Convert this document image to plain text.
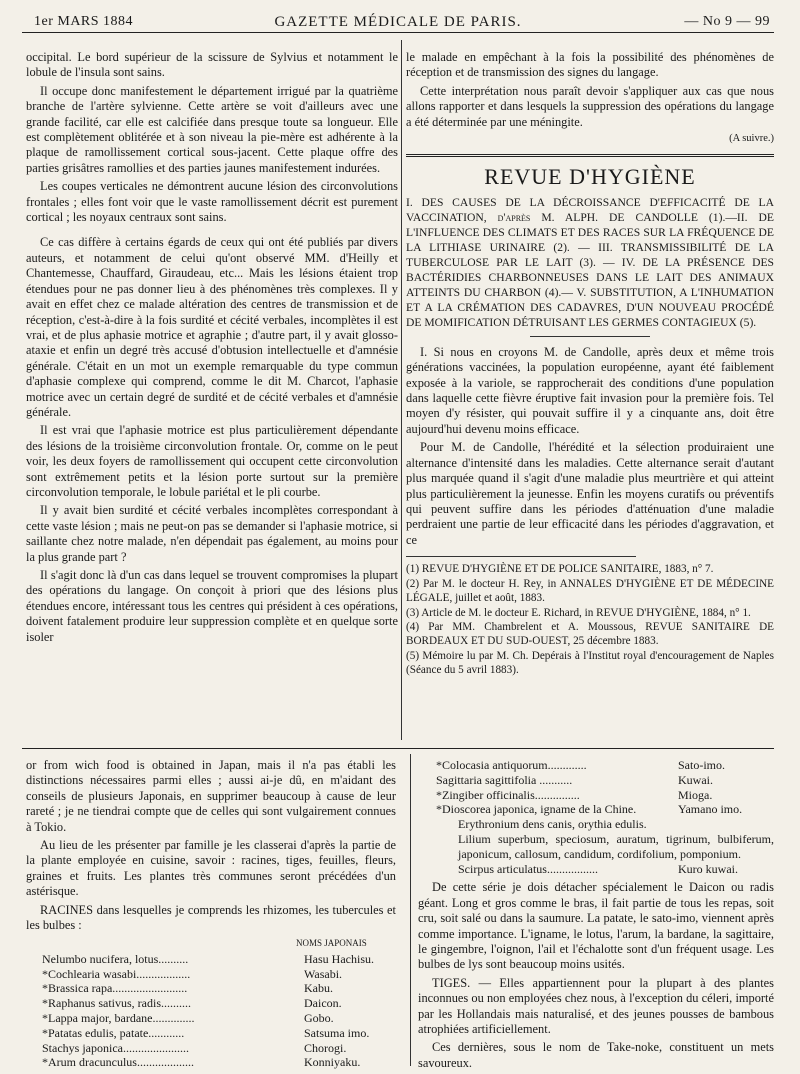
1er MARS 1884	GAZETTE MÉDICALE DE PARIS.	— No 9 — 99

occipital. Le bord supérieur de la scissure de Sylvius et notamment le lobule de l'insula sont sains.

Il occupe donc manifestement le département irrigué par la quatrième branche de l'artère sylvienne. Cette artère se voit d'ailleurs avec une grande facilité, car elle est calcifiée dans presque toute sa longueur. Elle est complètement oblitérée et à son niveau la pie-mère est adhérente à la plaque de ramollissement cortical sous-jacent. Cette plaque offre des parties grisâtres ramollies et des parties jaunes manifestement indurées.

Les coupes verticales ne démontrent aucune lésion des circonvolutions frontales ; elles font voir que le vaste ramollissement décrit est purement cortical ; les noyaux centraux sont sains.

Ce cas diffère à certains égards de ceux qui ont été publiés par divers auteurs, et notamment de celui qu'ont observé MM. d'Heilly et Chantemesse, Chauffard, Giraudeau, etc... Mais les lésions étaient trop étendues pour ne pas donner lieu à des phénomènes très complexes. Il y avait en effet chez ce malade altération des centres de transmission et de réception, c'est-à-dire à la fois surdité et cécité verbales, incomplètes il est vrai, et de plus aphasie motrice et agraphie ; d'autre part, il y avait glosso-ataxie et enfin un degré très accusé d'obtusion intellectuelle et d'amnésie générale. C'était en un mot un exemple remarquable du type commun d'aphasie complexe qui comprend, comme le dit M. Charcot, l'aphasie motrice avec un certain degré de surdité et de cécité verbales et d'amnésie générale.

Il est vrai que l'aphasie motrice est plus particulièrement dépendante des lésions de la troisième circonvolution frontale. Or, comme on le peut voir, les deux foyers de ramollissement qui occupent cette circonvolution sont extrêmement petits et la lésion porte surtout sur la première circonvolution temporale, le lobule pariétal et le pli courbe.

Il y avait bien surdité et cécité verbales incomplètes correspondant à cette vaste lésion ; mais ne peut-on pas se demander si l'aphasie motrice, si saillante chez notre malade, n'en dépendait pas également, au moins pour la plus grande part ?

Il s'agit donc là d'un cas dans lequel se trouvent compromises la plupart des opérations du langage. On conçoit à priori que des lésions plus étendues encore, intéressant tous les centres qui président à ces opérations, doivent fatalement produire leur suppression complète et en quelque sorte isoler

le malade en empêchant à la fois la possibilité des phénomènes de réception et de transmission des signes du langage.

Cette interprétation nous paraît devoir s'appliquer aux cas que nous allons rapporter et dans lesquels la suppression des opérations du langage a été déterminée par une méningite.

(A suivre.)
REVUE D'HYGIÈNE

I. DES CAUSES DE LA DÉCROISSANCE D'EFFICACITÉ DE LA VACCINATION, d'après M. ALPH. DE CANDOLLE (1).—II. DE L'INFLUENCE DES CLIMATS ET DES RACES SUR LA FRÉQUENCE DE LA LITHIASE URINAIRE (2). — III. TRANSMISSIBILITÉ DE LA TUBERCULOSE PAR LE LAIT (3). — IV. DE LA PRÉSENCE DES BACTÉRIDIES CHARBONNEUSES DANS LE LAIT DES ANIMAUX ATTEINTS DU CHARBON (4).— V. SUBSTITUTION, A L'INHUMATION ET A LA CRÉMATION DES CADAVRES, D'UN NOUVEAU PROCÉDÉ DE MOMIFICATION DÉTRUISANT LES GERMES CONTAGIEUX (5).

I. Si nous en croyons M. de Candolle, après deux et même trois générations vaccinées, la population européenne, ayant été faiblement exposée à la variole, se rapprocherait des conditions d'une population dans laquelle cette fièvre éruptive fait invasion pour la première fois. Tel moyen d'y résister, qui pouvait suffire il y a cinquante ans, doit être aujourd'hui devenu moins efficace.

Pour M. de Candolle, l'hérédité et la sélection produiraient une alternance d'intensité dans les maladies. Cette alternance serait d'autant plus marquée quand il s'agit d'une maladie plus meurtrière et qui atteint plus particulièrement la jeunesse. Enfin les moyens curatifs ou préventifs qui peuvent suffire dans les périodes d'atténuation d'une maladie perdraient une partie de leur efficacité dans les périodes d'aggravation, et ce

(1) REVUE D'HYGIÈNE ET DE POLICE SANITAIRE, 1883, n° 7.

(2) Par M. le docteur H. Rey, in ANNALES D'HYGIÈNE ET DE MÉDECINE LÉGALE, juillet et août, 1883.

(3) Article de M. le docteur E. Richard, in REVUE D'HYGIÈNE, 1884, n° 1.

(4) Par MM. Chambrelent et A. Moussous, REVUE SANITAIRE DE BORDEAUX ET DU SUD-OUEST, 25 décembre 1883.

(5) Mémoire lu par M. Ch. Depérais à l'Institut royal d'encouragement de Naples (Séance du 5 avril 1883).

or from wich food is obtained in Japan, mais il n'a pas établi les distinctions nécessaires parmi elles ; aussi ai-je dû, en m'aidant des conseils de plusieurs Japonais, en supprimer beaucoup à cause de leur rareté ; je ne tiendrai compte que de celles qui sont vulgairement connues à Tokio.

Au lieu de les présenter par famille je les classerai d'après la partie de la plante employée en cuisine, savoir : racines, tiges, feuilles, fleurs, graines et fruits. Les plantes très communes seront précédées d'un astérisque.

RACINES dans lesquelles je comprends les rhizomes, les tubercules et les bulbes :

NOMS JAPONAIS
Nelumbo nucifera, lotus..........	Hasu Hachisu.
*Cochlearia wasabi..................	Wasabi.
*Brassica rapa.........................	Kabu.
*Raphanus sativus, radis..........	Daicon.
*Lappa major, bardane..............	Gobo.
*Patatas edulis, patate............	Satsuma imo.
Stachys japonica......................	Chorogi.
*Arum dracunculus...................	Konniyaku.
*Colocasia antiquorum.............	Sato-imo.
Sagittaria sagittifolia ...........	Kuwai.
*Zingiber officinalis...............	Mioga.
*Dioscorea japonica, igname de la Chine.	Yamano imo.
Erythronium dens canis, orythia edulis.
Lilium superbum, speciosum, auratum, tigrinum, bulbiferum, japonicum, callosum, candidum, cordifolium, pomponium.
Scirpus articulatus.................	Kuro kuwai.

De cette série je dois détacher spécialement le Daicon ou radis géant. Long et gros comme le bras, il fait partie de tous les repas, soit cru, soit salé ou dans la saumure. La patate, le sato-imo, viennent après comme importance. L'igname, le lotus, l'arum, la bardane, la sagittaire, le gingembre, l'oignon, l'ail et l'échalotte sont d'un fréquent usage. Les bulbes de lys sont beaucoup moins usités.

TIGES. — Elles appartiennent pour la plupart à des plantes inconnues ou non employées chez nous, à l'exception du céleri, importé par les Hollandais mais naturalisé, et des jeunes pousses de bambous atrophiées artificiellement.

Ces dernières, sous le nom de Take-noke, constituent un mets savoureux.
